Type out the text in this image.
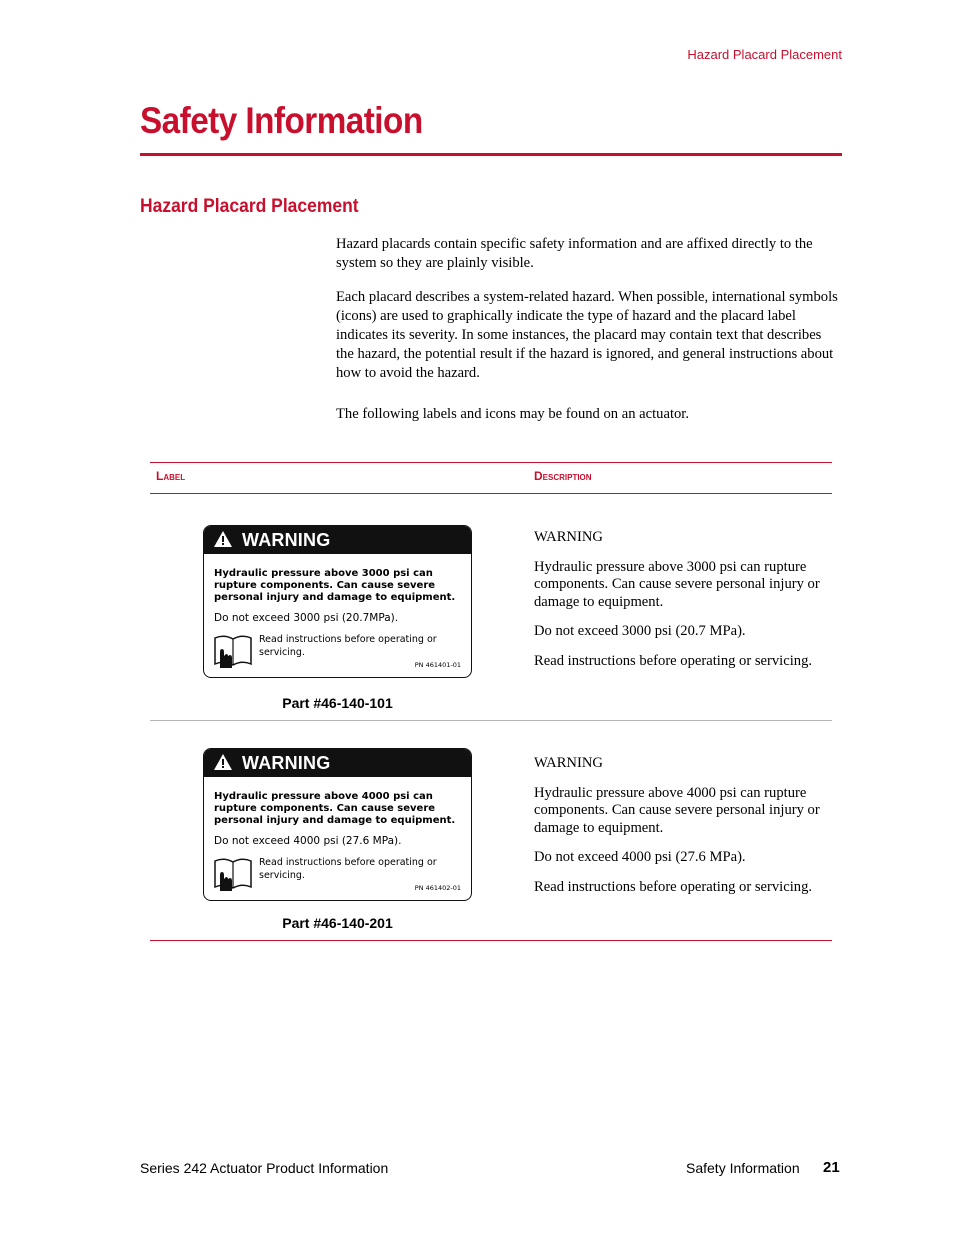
Hazard Placard Placement
Safety Information
Hazard Placard Placement

Hazard placards contain specific safety information and are affixed directly to the system so they are plainly visible.

Each placard describes a system-related hazard. When possible, international symbols (icons) are used to graphically indicate the type of hazard and the placard label indicates its severity. In some instances, the placard may contain text that describes the hazard, the potential result if the hazard is ignored, and general instructions about how to avoid the hazard.

The following labels and icons may be found on an actuator.

Label	Description
WARNING
Hydraulic pressure above 3000 psi can rupture components. Can cause severe personal injury and damage to equipment.
Do not exceed 3000 psi (20.7MPa).
Read instructions before operating or servicing.
PN 461401-01
Part #46-140-101

WARNING

Hydraulic pressure above 3000 psi can rupture components. Can cause severe personal injury or damage to equipment.

Do not exceed 3000 psi (20.7 MPa).

Read instructions before operating or servicing.

WARNING
Hydraulic pressure above 4000 psi can rupture components. Can cause severe personal injury and damage to equipment.
Do not exceed 4000 psi (27.6 MPa).
Read instructions before operating or servicing.
PN 461402-01
Part #46-140-201

WARNING

Hydraulic pressure above 4000 psi can rupture components. Can cause severe personal injury or damage to equipment.

Do not exceed 4000 psi (27.6 MPa).

Read instructions before operating or servicing.

Series 242 Actuator Product Information	Safety Information 21
